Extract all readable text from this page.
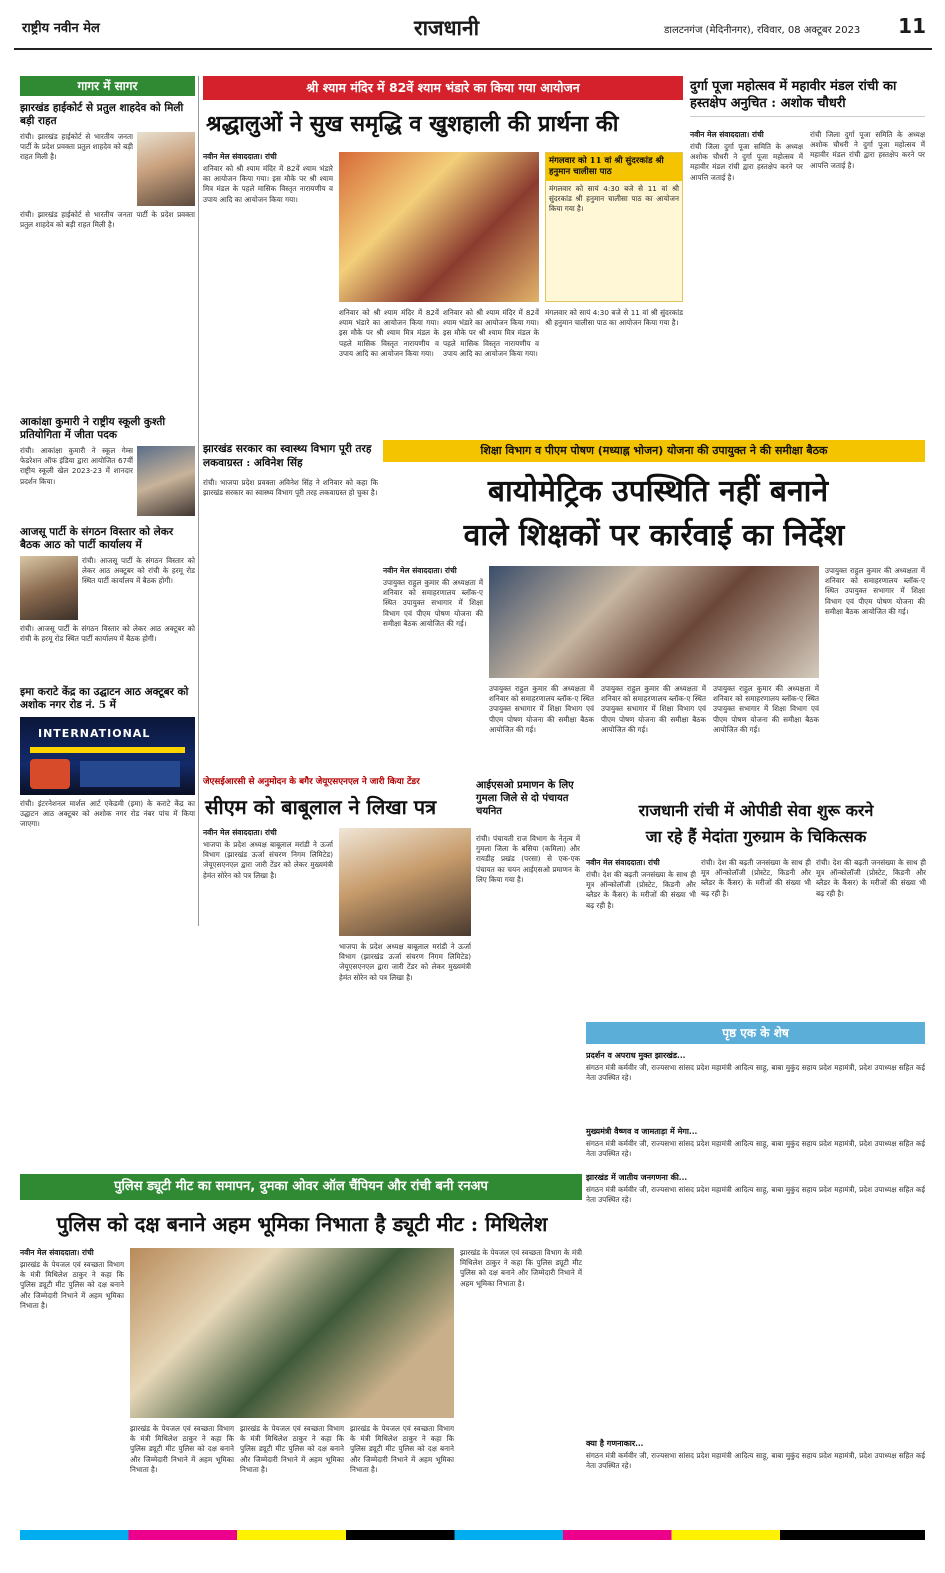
राष्ट्रीय नवीन मेल	राजधानी	डालटनगंज (मेदिनीनगर), रविवार, 08 अक्टूबर 2023 11
गागर में सागर
झारखंड हाईकोर्ट से प्रतुल शाहदेव को मिली बड़ी राहत
रांची। झारखंड हाईकोर्ट से भारतीय जनता पार्टी के प्रदेश प्रवक्ता प्रतुल शाहदेव को बड़ी राहत मिली है।
रांची। झारखंड हाईकोर्ट से भारतीय जनता पार्टी के प्रदेश प्रवक्ता प्रतुल शाहदेव को बड़ी राहत मिली है।
आकांक्षा कुमारी ने राष्ट्रीय स्कूली कुश्ती प्रतियोगिता में जीता पदक
रांची। आकांक्षा कुमारी ने स्कूल गेम्स फेडरेशन ऑफ इंडिया द्वारा आयोजित 67वीं राष्ट्रीय स्कूली खेल 2023-23 में शानदार प्रदर्शन किया।
आजसू पार्टी के संगठन विस्तार को लेकर बैठक आठ को पार्टी कार्यालय में
रांची। आजसू पार्टी के संगठन विस्तार को लेकर आठ अक्टूबर को रांची के हरमू रोड स्थित पार्टी कार्यालय में बैठक होगी।
रांची। आजसू पार्टी के संगठन विस्तार को लेकर आठ अक्टूबर को रांची के हरमू रोड स्थित पार्टी कार्यालय में बैठक होगी।
इमा कराटे केंद्र का उद्घाटन आठ अक्टूबर को अशोक नगर रोड नं. 5 में
INTERNATIONAL
रांची। इंटरनेशनल मार्शल आर्ट एकेडमी (इमा) के कराटे केंद्र का उद्घाटन आठ अक्टूबर को अशोक नगर रोड नंबर पांच में किया जाएगा।
श्री श्याम मंदिर में 82वें श्याम भंडारे का किया गया आयोजन
श्रद्धालुओं ने सुख समृद्धि व खुशहाली की प्रार्थना की
नवीन मेल संवाददाता। रांची
शनिवार को श्री श्याम मंदिर में 82वें श्याम भंडारे का आयोजन किया गया। इस मौके पर श्री श्याम मित्र मंडल के पहले मासिक विस्तृत नारायणीय व उपाय आदि का आयोजन किया गया।
मंगलवार को 11 वां श्री सुंदरकांड श्री हनुमान चालीसा पाठ
मंगलवार को सायं 4:30 बजे से 11 वां श्री सुंदरकांड श्री हनुमान चालीसा पाठ का आयोजन किया गया है।
शनिवार को श्री श्याम मंदिर में 82वें श्याम भंडारे का आयोजन किया गया। इस मौके पर श्री श्याम मित्र मंडल के पहले मासिक विस्तृत नारायणीय व उपाय आदि का आयोजन किया गया।
शनिवार को श्री श्याम मंदिर में 82वें श्याम भंडारे का आयोजन किया गया। इस मौके पर श्री श्याम मित्र मंडल के पहले मासिक विस्तृत नारायणीय व उपाय आदि का आयोजन किया गया।
मंगलवार को सायं 4:30 बजे से 11 वां श्री सुंदरकांड श्री हनुमान चालीसा पाठ का आयोजन किया गया है।
दुर्गा पूजा महोत्सव में महावीर मंडल रांची का हस्तक्षेप अनुचित : अशोक चौधरी
नवीन मेल संवाददाता। रांची
रांची जिला दुर्गा पूजा समिति के अध्यक्ष अशोक चौधरी ने दुर्गा पूजा महोत्सव में महावीर मंडल रांची द्वारा हस्तक्षेप करने पर आपत्ति जताई है।
रांची जिला दुर्गा पूजा समिति के अध्यक्ष अशोक चौधरी ने दुर्गा पूजा महोत्सव में महावीर मंडल रांची द्वारा हस्तक्षेप करने पर आपत्ति जताई है।
झारखंड सरकार का स्वास्थ्य विभाग पूरी तरह लकवाग्रस्त : अविनेश सिंह
रांची। भाजपा प्रदेश प्रवक्ता अविनेश सिंह ने शनिवार को कहा कि झारखंड सरकार का स्वास्थ्य विभाग पूरी तरह लकवाग्रस्त हो चुका है।
शिक्षा विभाग व पीएम पोषण (मध्याह्न भोजन) योजना की उपायुक्त ने की समीक्षा बैठक
बायोमेट्रिक उपस्थिति नहीं बनाने
वाले शिक्षकों पर कार्रवाई का निर्देश
नवीन मेल संवाददाता। रांची
उपायुक्त राहुल कुमार की अध्यक्षता में शनिवार को समाहरणालय ब्लॉक-ए स्थित उपायुक्त सभागार में शिक्षा विभाग एवं पीएम पोषण योजना की समीक्षा बैठक आयोजित की गई।
उपायुक्त राहुल कुमार की अध्यक्षता में शनिवार को समाहरणालय ब्लॉक-ए स्थित उपायुक्त सभागार में शिक्षा विभाग एवं पीएम पोषण योजना की समीक्षा बैठक आयोजित की गई।
उपायुक्त राहुल कुमार की अध्यक्षता में शनिवार को समाहरणालय ब्लॉक-ए स्थित उपायुक्त सभागार में शिक्षा विभाग एवं पीएम पोषण योजना की समीक्षा बैठक आयोजित की गई।
उपायुक्त राहुल कुमार की अध्यक्षता में शनिवार को समाहरणालय ब्लॉक-ए स्थित उपायुक्त सभागार में शिक्षा विभाग एवं पीएम पोषण योजना की समीक्षा बैठक आयोजित की गई।
उपायुक्त राहुल कुमार की अध्यक्षता में शनिवार को समाहरणालय ब्लॉक-ए स्थित उपायुक्त सभागार में शिक्षा विभाग एवं पीएम पोषण योजना की समीक्षा बैठक आयोजित की गई।
जेएसईआरसी से अनुमोदन के बगैर जेयूएसएनएल ने जारी किया टेंडर
सीएम को बाबूलाल ने लिखा पत्र
नवीन मेल संवाददाता। रांची
भाजपा के प्रदेश अध्यक्ष बाबूलाल मरांडी ने ऊर्जा विभाग (झारखंड ऊर्जा संचरण निगम लिमिटेड) जेयूएसएनएल द्वारा जारी टेंडर को लेकर मुख्यमंत्री हेमंत सोरेन को पत्र लिखा है।
भाजपा के प्रदेश अध्यक्ष बाबूलाल मरांडी ने ऊर्जा विभाग (झारखंड ऊर्जा संचरण निगम लिमिटेड) जेयूएसएनएल द्वारा जारी टेंडर को लेकर मुख्यमंत्री हेमंत सोरेन को पत्र लिखा है।
आईएसओ प्रमाणन के लिए गुमला जिले से दो पंचायत चयनित
रांची। पंचायती राज विभाग के नेतृत्व में गुमला जिला के बसिया (कमिला) और रायडीह प्रखंड (परसा) से एक-एक पंचायत का चयन आईएसओ प्रमाणन के लिए किया गया है।
राजधानी रांची में ओपीडी सेवा शुरू करने
जा रहे हैं मेदांता गुरुग्राम के चिकित्सक
नवीन मेल संवाददाता। रांची
रांची। देश की बढ़ती जनसंख्या के साथ ही मूत्र ऑन्कोलॉजी (प्रोस्टेट, किडनी और ब्लैडर के कैंसर) के मरीजों की संख्या भी बढ़ रही है।
रांची। देश की बढ़ती जनसंख्या के साथ ही मूत्र ऑन्कोलॉजी (प्रोस्टेट, किडनी और ब्लैडर के कैंसर) के मरीजों की संख्या भी बढ़ रही है।
रांची। देश की बढ़ती जनसंख्या के साथ ही मूत्र ऑन्कोलॉजी (प्रोस्टेट, किडनी और ब्लैडर के कैंसर) के मरीजों की संख्या भी बढ़ रही है।
पृष्ठ एक के शेष
प्रदर्शन व अपराध मुक्त झारखंड...
संगठन मंत्री कर्मवीर जी, राज्यसभा सांसद प्रदेश महामंत्री आदित्य साहू, बाबा मुकुंद सहाय प्रदेश महामंत्री, प्रदेश उपाध्यक्ष सहित कई नेता उपस्थित रहे।
मुख्यमंत्री वैष्णव व जामताड़ा में मेगा...
संगठन मंत्री कर्मवीर जी, राज्यसभा सांसद प्रदेश महामंत्री आदित्य साहू, बाबा मुकुंद सहाय प्रदेश महामंत्री, प्रदेश उपाध्यक्ष सहित कई नेता उपस्थित रहे।
झारखंड में जातीय जनगणना की...
संगठन मंत्री कर्मवीर जी, राज्यसभा सांसद प्रदेश महामंत्री आदित्य साहू, बाबा मुकुंद सहाय प्रदेश महामंत्री, प्रदेश उपाध्यक्ष सहित कई नेता उपस्थित रहे।
क्या है गणनाकार...
संगठन मंत्री कर्मवीर जी, राज्यसभा सांसद प्रदेश महामंत्री आदित्य साहू, बाबा मुकुंद सहाय प्रदेश महामंत्री, प्रदेश उपाध्यक्ष सहित कई नेता उपस्थित रहे।
पुलिस ड्यूटी मीट का समापन, दुमका ओवर ऑल चैंपियन और रांची बनी रनअप
पुलिस को दक्ष बनाने अहम भूमिका निभाता है ड्यूटी मीट : मिथिलेश
नवीन मेल संवाददाता। रांची
झारखंड के पेयजल एवं स्वच्छता विभाग के मंत्री मिथिलेश ठाकुर ने कहा कि पुलिस ड्यूटी मीट पुलिस को दक्ष बनाने और जिम्मेदारी निभाने में अहम भूमिका निभाता है।
झारखंड के पेयजल एवं स्वच्छता विभाग के मंत्री मिथिलेश ठाकुर ने कहा कि पुलिस ड्यूटी मीट पुलिस को दक्ष बनाने और जिम्मेदारी निभाने में अहम भूमिका निभाता है।
झारखंड के पेयजल एवं स्वच्छता विभाग के मंत्री मिथिलेश ठाकुर ने कहा कि पुलिस ड्यूटी मीट पुलिस को दक्ष बनाने और जिम्मेदारी निभाने में अहम भूमिका निभाता है।
झारखंड के पेयजल एवं स्वच्छता विभाग के मंत्री मिथिलेश ठाकुर ने कहा कि पुलिस ड्यूटी मीट पुलिस को दक्ष बनाने और जिम्मेदारी निभाने में अहम भूमिका निभाता है।
झारखंड के पेयजल एवं स्वच्छता विभाग के मंत्री मिथिलेश ठाकुर ने कहा कि पुलिस ड्यूटी मीट पुलिस को दक्ष बनाने और जिम्मेदारी निभाने में अहम भूमिका निभाता है।
